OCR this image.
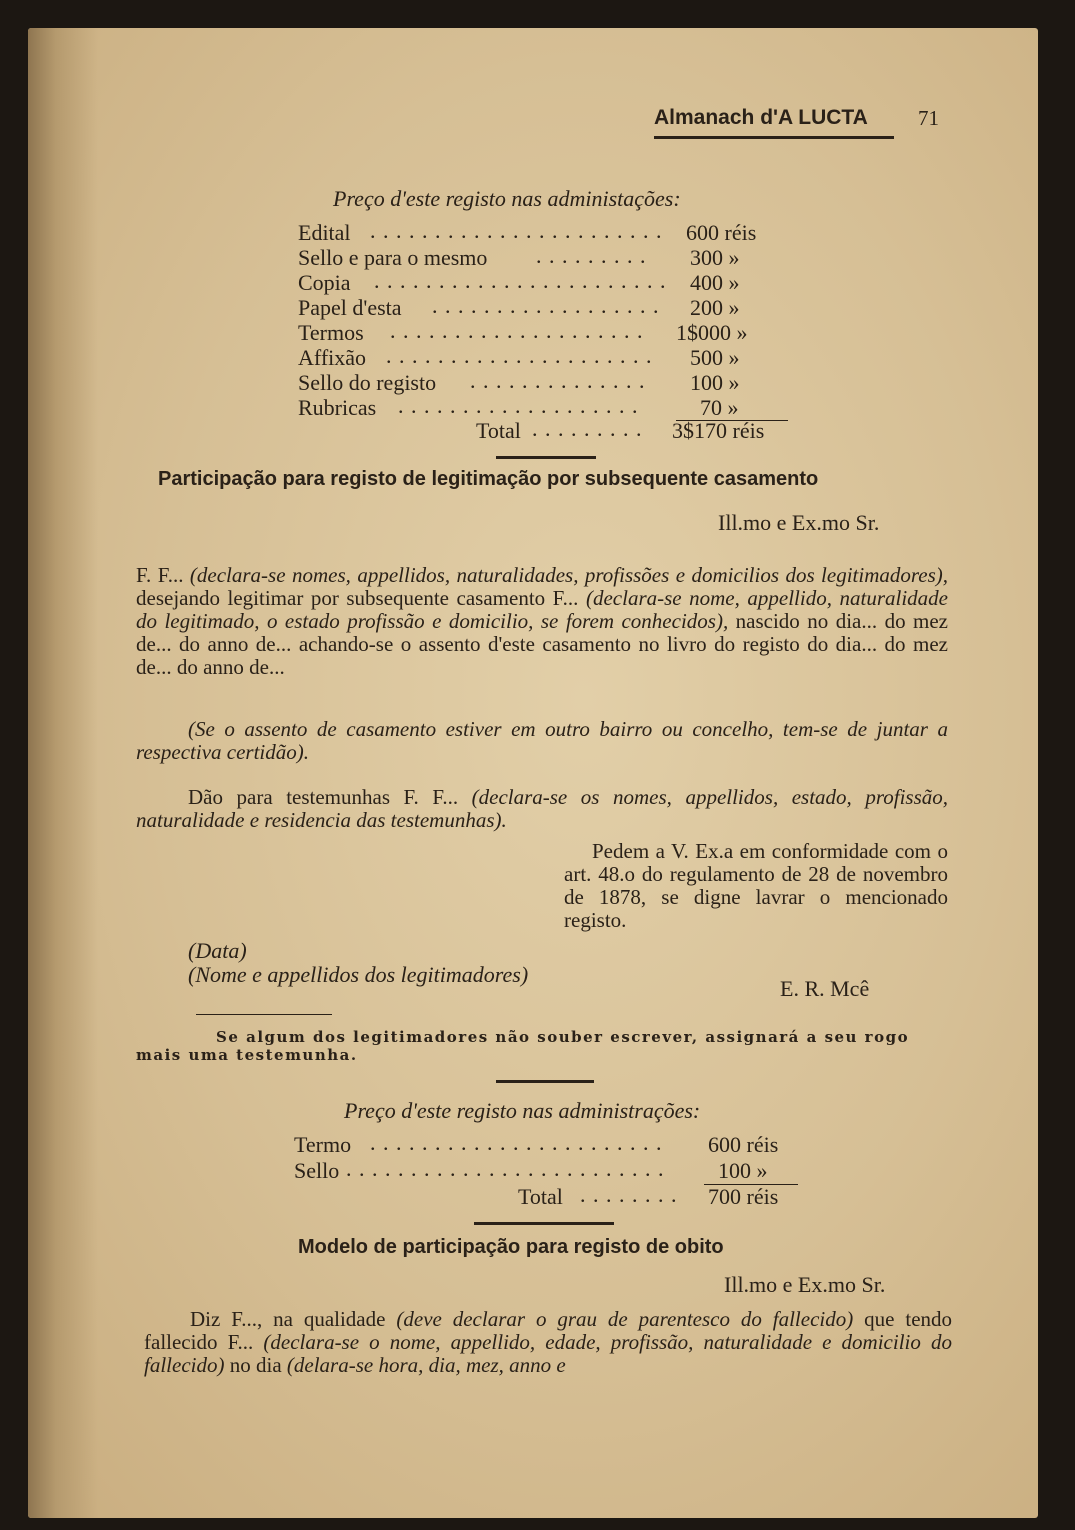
Almanach d'A LUCTA 71
Preço d'este registo nas administações:
Edital . . . . . . . . . . . . . . . . . . . . . . . 600 réis
Sello e para o mesmo . . . . . . . . . 300 »
Copia . . . . . . . . . . . . . . . . . . . . . . . 400 »
Papel d'esta . . . . . . . . . . . . . . . . . . 200 »
Termos . . . . . . . . . . . . . . . . . . . . 1$000 »
Affixão . . . . . . . . . . . . . . . . . . . . . 500 »
Sello do registo . . . . . . . . . . . . . . 100 »
Rubricas . . . . . . . . . . . . . . . . . . .	70 »
Total . . . . . . . . . 3$170 réis
Participação para registo de legitimação por subsequente casamento
Ill.mo e Ex.mo Sr.
F. F... (declara-se nomes, appellidos, naturalidades, profissões e domicilios dos legitimadores), desejando legitimar por subsequente casamento F... (declara-se nome, appellido, naturalidade do legitimado, o estado profissão e domicilio, se forem conhecidos), nascido no dia... do mez de... do anno de... achando-se o assento d'este casamento no livro do registo do dia... do mez de... do anno de...
(Se o assento de casamento estiver em outro bairro ou concelho, tem-se de juntar a respectiva certidão).
Dão para testemunhas F. F... (declara-se os nomes, appellidos, estado, profissão, naturalidade e residencia das testemunhas).
Pedem a V. Ex.a em conformidade com o art. 48.o do regulamento de 28 de novembro de 1878, se digne lavrar o mencionado registo.
(Data)
(Nome e appellidos dos legitimadores)
E. R. Mcê
Se algum dos legitimadores não souber escrever, assignará a seu rogo mais uma testemunha.
Preço d'este registo nas administrações:
Termo . . . . . . . . . . . . . . . . . . . . . . . 600 réis
Sello . . . . . . . . . . . . . . . . . . . . . . . . . 100 »
Total . . . . . . . . 700 réis
Modelo de participação para registo de obito
Ill.mo e Ex.mo Sr.
Diz F..., na qualidade (deve declarar o grau de parentesco do fallecido) que tendo fallecido F... (declara-se o nome, appellido, edade, profissão, naturalidade e domicilio do fallecido) no dia (delara-se hora, dia, mez, anno e
